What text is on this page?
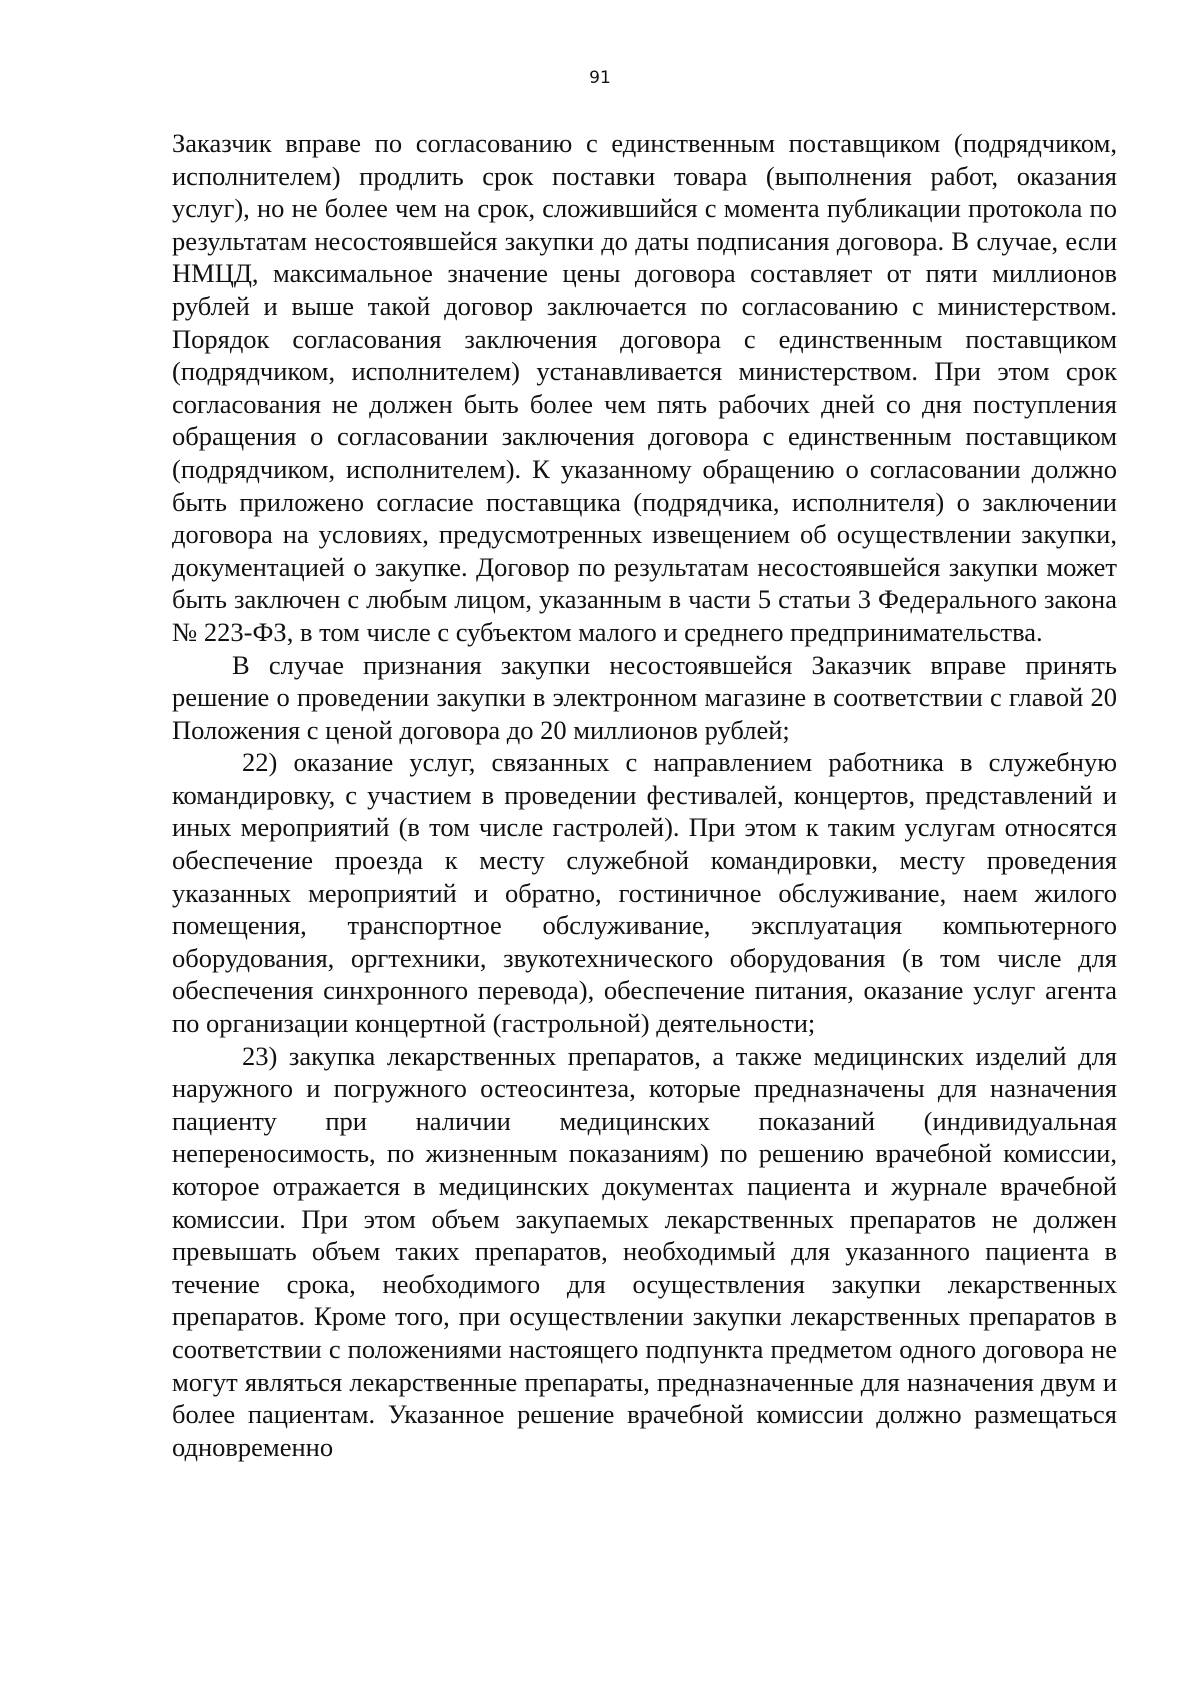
91

Заказчик вправе по согласованию с единственным поставщиком (подрядчиком, исполнителем) продлить срок поставки товара (выполнения работ, оказания услуг), но не более чем на срок, сложившийся с момента публикации протокола по результатам несостоявшейся закупки до даты подписания договора. В случае, если НМЦД, максимальное значение цены договора составляет от пяти миллионов рублей и выше такой договор заключается по согласованию с министерством. Порядок согласования заключения договора с единственным поставщиком (подрядчиком, исполнителем) устанавливается министерством. При этом срок согласования не должен быть более чем пять рабочих дней со дня поступления обращения о согласовании заключения договора с единственным поставщиком (подрядчиком, исполнителем). К указанному обращению о согласовании должно быть приложено согласие поставщика (подрядчика, исполнителя) о заключении договора на условиях, предусмотренных извещением об осуществлении закупки, документацией о закупке. Договор по результатам несостоявшейся закупки может быть заключен с любым лицом, указанным в части 5 статьи 3 Федерального закона № 223-ФЗ, в том числе с субъектом малого и среднего предпринимательства.

В случае признания закупки несостоявшейся Заказчик вправе принять решение о проведении закупки в электронном магазине в соответствии с главой 20 Положения с ценой договора до 20 миллионов рублей;

22) оказание услуг, связанных с направлением работника в служебную командировку, с участием в проведении фестивалей, концертов, представлений и иных мероприятий (в том числе гастролей). При этом к таким услугам относятся обеспечение проезда к месту служебной командировки, месту проведения указанных мероприятий и обратно, гостиничное обслуживание, наем жилого помещения, транспортное обслуживание, эксплуатация компьютерного оборудования, оргтехники, звукотехнического оборудования (в том числе для обеспечения синхронного перевода), обеспечение питания, оказание услуг агента по организации концертной (гастрольной) деятельности;

23) закупка лекарственных препаратов, а также медицинских изделий для наружного и погружного остеосинтеза, которые предназначены для назначения пациенту при наличии медицинских показаний (индивидуальная непереносимость, по жизненным показаниям) по решению врачебной комиссии, которое отражается в медицинских документах пациента и журнале врачебной комиссии. При этом объем закупаемых лекарственных препаратов не должен превышать объем таких препаратов, необходимый для указанного пациента в течение срока, необходимого для осуществления закупки лекарственных препаратов. Кроме того, при осуществлении закупки лекарственных препаратов в соответствии с положениями настоящего подпункта предметом одного договора не могут являться лекарственные препараты, предназначенные для назначения двум и более пациентам. Указанное решение врачебной комиссии должно размещаться одновременно
